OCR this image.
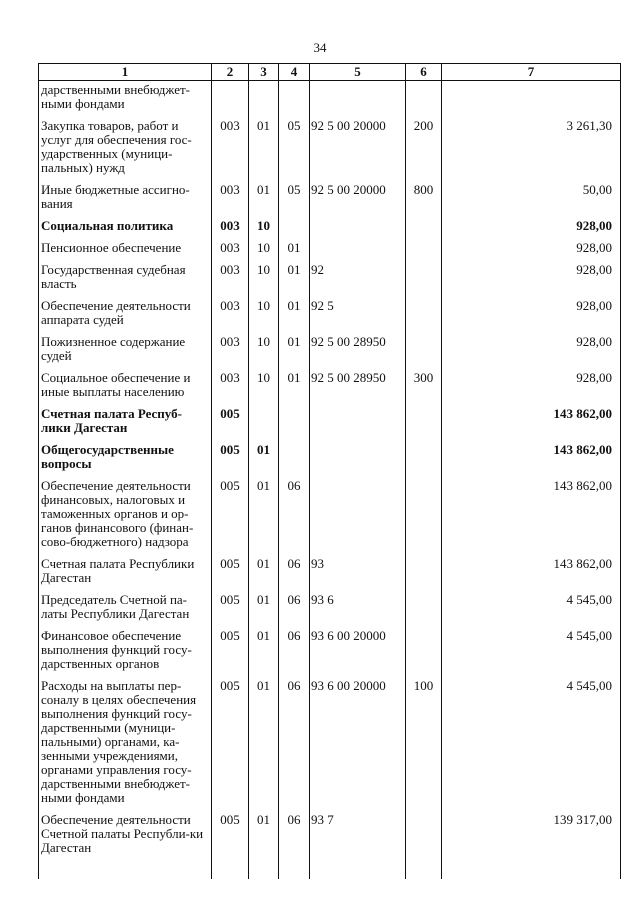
34
1	2	3	4	5	6	7
дарственными внебюджет-ными фондами						
Закупка товаров, работ и услуг для обеспечения гос-ударственных (муници-пальных) нужд	003	01	05	92 5 00 20000	200	3 261,30
Иные бюджетные ассигно-вания	003	01	05	92 5 00 20000	800	50,00
Социальная политика	003	10				928,00
Пенсионное обеспечение	003	10	01			928,00
Государственная судебная власть	003	10	01	92		928,00
Обеспечение деятельности аппарата судей	003	10	01	92 5		928,00
Пожизненное содержание судей	003	10	01	92 5 00 28950		928,00
Социальное обеспечение и иные выплаты населению	003	10	01	92 5 00 28950	300	928,00
Счетная палата Респуб-лики Дагестан	005					143 862,00
Общегосударственные вопросы	005	01				143 862,00
Обеспечение деятельности финансовых, налоговых и таможенных органов и ор-ганов финансового (финан-сово-бюджетного) надзора	005	01	06			143 862,00
Счетная палата Республики Дагестан	005	01	06	93		143 862,00
Председатель Счетной па-латы Республики Дагестан	005	01	06	93 6		4 545,00
Финансовое обеспечение выполнения функций госу-дарственных органов	005	01	06	93 6 00 20000		4 545,00
Расходы на выплаты пер-соналу в целях обеспечения выполнения функций госу-дарственными (муници-пальными) органами, ка-зенными учреждениями, органами управления госу-дарственными внебюджет-ными фондами	005	01	06	93 6 00 20000	100	4 545,00
Обеспечение деятельности Счетной палаты Республи-ки Дагестан	005	01	06	93 7		139 317,00
